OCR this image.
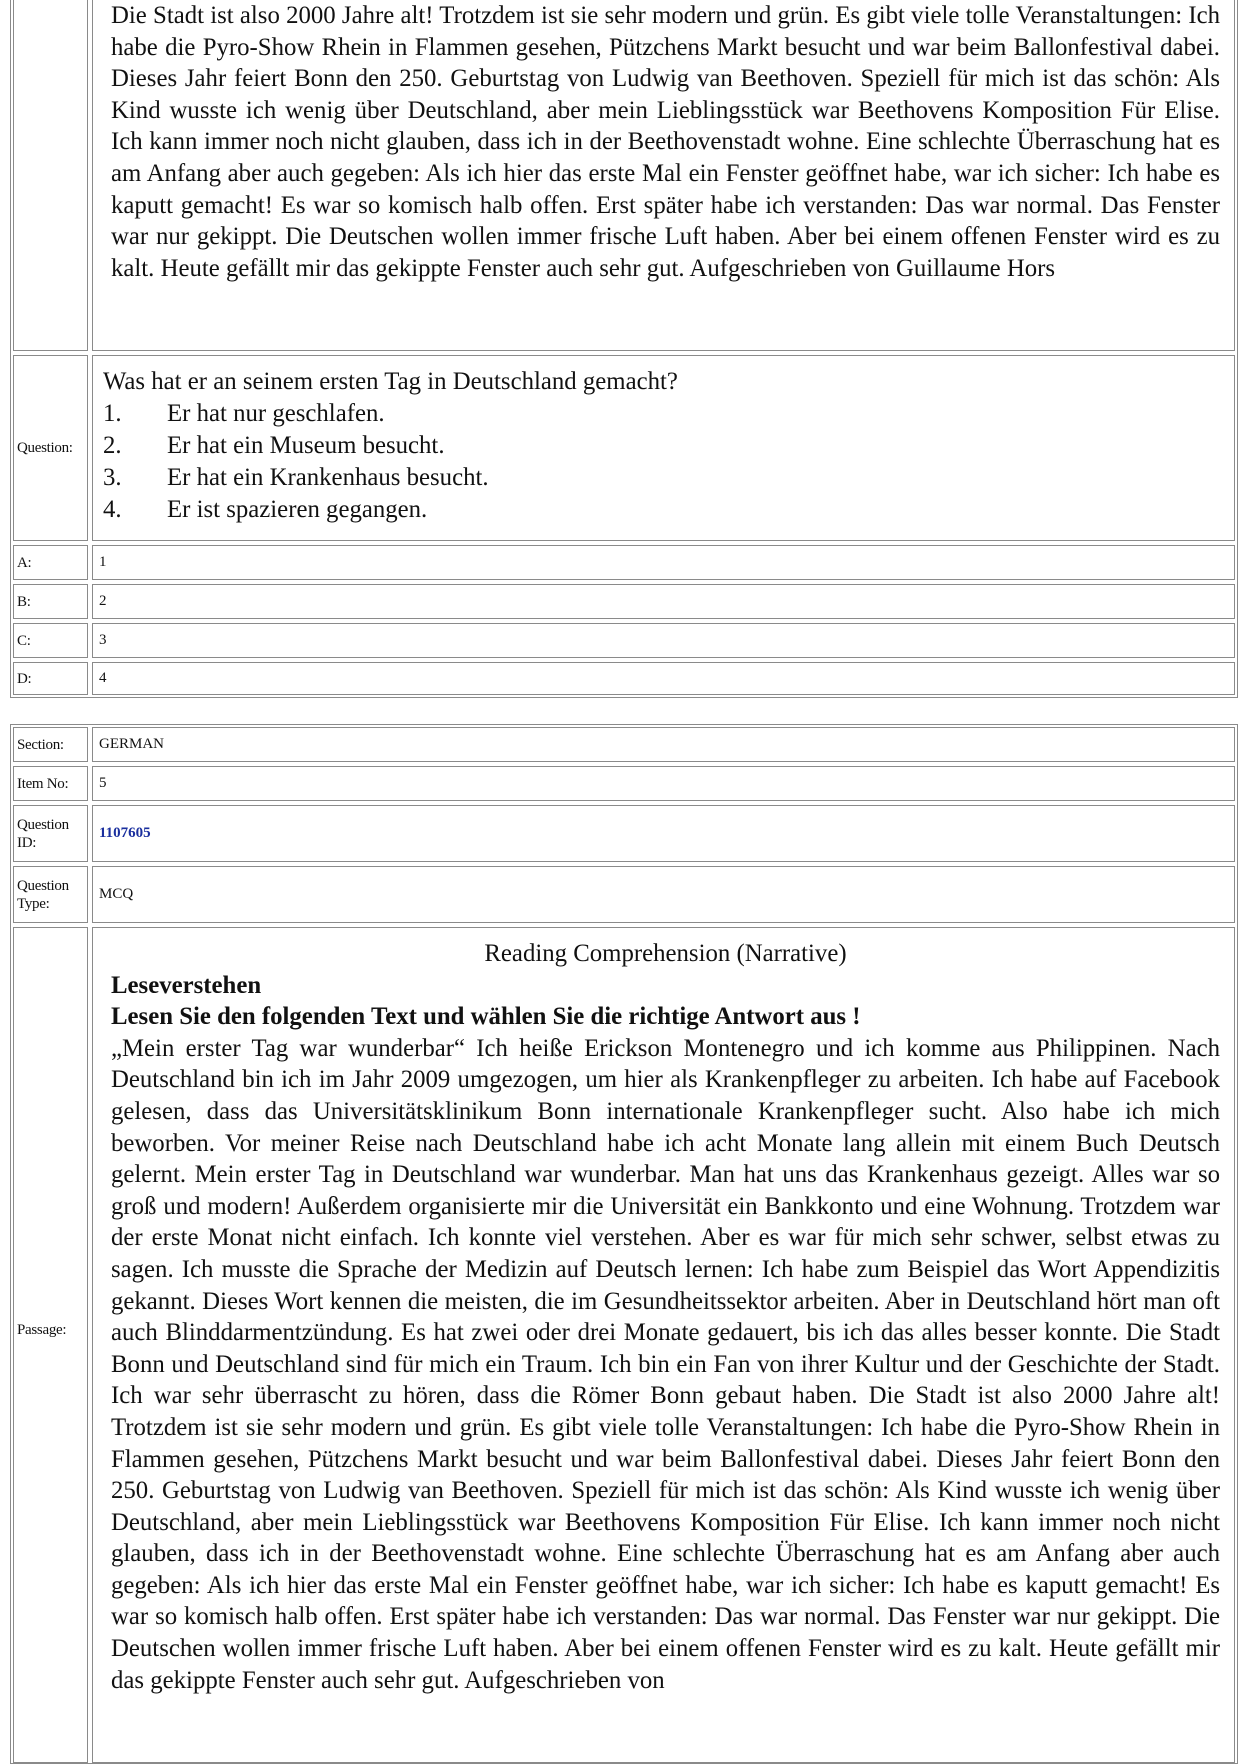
Die Stadt ist also 2000 Jahre alt! Trotzdem ist sie sehr modern und grün. Es gibt viele tolle Veranstaltungen: Ich habe die Pyro-Show Rhein in Flammen gesehen, Pützchens Markt besucht und war beim Ballonfestival dabei. Dieses Jahr feiert Bonn den 250. Geburtstag von Ludwig van Beethoven. Speziell für mich ist das schön: Als Kind wusste ich wenig über Deutschland, aber mein Lieblingsstück war Beethovens Komposition Für Elise. Ich kann immer noch nicht glauben, dass ich in der Beethovenstadt wohne. Eine schlechte Überraschung hat es am Anfang aber auch gegeben: Als ich hier das erste Mal ein Fenster geöffnet habe, war ich sicher: Ich habe es kaputt gemacht! Es war so komisch halb offen. Erst später habe ich verstanden: Das war normal. Das Fenster war nur gekippt. Die Deutschen wollen immer frische Luft haben. Aber bei einem offenen Fenster wird es zu kalt. Heute gefällt mir das gekippte Fenster auch sehr gut. Aufgeschrieben von Guillaume Hors
Question:
Was hat er an seinem ersten Tag in Deutschland gemacht?
1.	Er hat nur geschlafen.
2.	Er hat ein Museum besucht.
3.	Er hat ein Krankenhaus besucht.
4.	Er ist spazieren gegangen.
A:	1
B:	2
C:	3
D:	4
Section:	GERMAN
Item No:	5
Question ID:
1107605
Question Type:
MCQ
Passage:
Reading Comprehension (Narrative)
Leseverstehen
Lesen Sie den folgenden Text und wählen Sie die richtige Antwort aus !
„Mein erster Tag war wunderbar“ Ich heiße Erickson Montenegro und ich komme aus Philippinen. Nach Deutschland bin ich im Jahr 2009 umgezogen, um hier als Krankenpfleger zu arbeiten. Ich habe auf Facebook gelesen, dass das Universitätsklinikum Bonn internationale Krankenpfleger sucht. Also habe ich mich beworben. Vor meiner Reise nach Deutschland habe ich acht Monate lang allein mit einem Buch Deutsch gelernt. Mein erster Tag in Deutschland war wunderbar. Man hat uns das Krankenhaus gezeigt. Alles war so groß und modern! Außerdem organisierte mir die Universität ein Bankkonto und eine Wohnung. Trotzdem war der erste Monat nicht einfach. Ich konnte viel verstehen. Aber es war für mich sehr schwer, selbst etwas zu sagen. Ich musste die Sprache der Medizin auf Deutsch lernen: Ich habe zum Beispiel das Wort Appendizitis gekannt. Dieses Wort kennen die meisten, die im Gesundheitssektor arbeiten. Aber in Deutschland hört man oft auch Blinddarmentzündung. Es hat zwei oder drei Monate gedauert, bis ich das alles besser konnte. Die Stadt Bonn und Deutschland sind für mich ein Traum. Ich bin ein Fan von ihrer Kultur und der Geschichte der Stadt. Ich war sehr überrascht zu hören, dass die Römer Bonn gebaut haben. Die Stadt ist also 2000 Jahre alt! Trotzdem ist sie sehr modern und grün. Es gibt viele tolle Veranstaltungen: Ich habe die Pyro-Show Rhein in Flammen gesehen, Pützchens Markt besucht und war beim Ballonfestival dabei. Dieses Jahr feiert Bonn den 250. Geburtstag von Ludwig van Beethoven. Speziell für mich ist das schön: Als Kind wusste ich wenig über Deutschland, aber mein Lieblingsstück war Beethovens Komposition Für Elise. Ich kann immer noch nicht glauben, dass ich in der Beethovenstadt wohne. Eine schlechte Überraschung hat es am Anfang aber auch gegeben: Als ich hier das erste Mal ein Fenster geöffnet habe, war ich sicher: Ich habe es kaputt gemacht! Es war so komisch halb offen. Erst später habe ich verstanden: Das war normal. Das Fenster war nur gekippt. Die Deutschen wollen immer frische Luft haben. Aber bei einem offenen Fenster wird es zu kalt. Heute gefällt mir das gekippte Fenster auch sehr gut. Aufgeschrieben von
